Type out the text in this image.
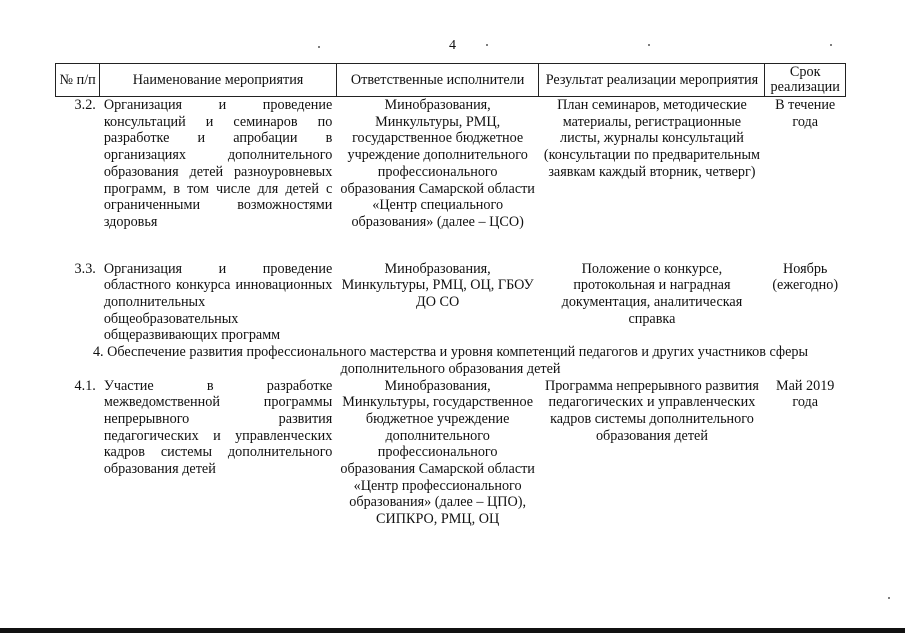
4
№ п/п	Наименование мероприятия	Ответственные исполнители	Результат реализации мероприятия	Срок реализации
3.2.	Организация и проведение консультаций и семинаров по разработке и апробации в организациях дополнительного образования детей разноуровневых программ, в том числе для детей с ограниченными возможностями здоровья	Минобразования, Минкультуры, РМЦ, государственное бюджетное учреждение дополнительного профессионального образования Самарской области «Центр специального образования» (далее – ЦСО)	План семинаров, методические материалы, регистрационные листы, журналы консультаций (консультации по предварительным заявкам каждый вторник, четверг)	В течение года

3.3.	Организация и проведение областного конкурса инновационных дополнительных общеобразовательных общеразвивающих программ	Минобразования, Минкультуры, РМЦ, ОЦ, ГБОУ ДО СО	Положение о конкурсе, протокольная и наградная документация, аналитическая справка	Ноябрь (ежегодно)
4. Обеспечение развития профессионального мастерства и уровня компетенций педагогов и других участников сферы дополнительного образования детей				
4.1.	Участие в разработке межведомственной программы непрерывного развития педагогических и управленческих кадров системы дополнительного образования детей	Минобразования, Минкультуры, государственное бюджетное учреждение дополнительного профессионального образования Самарской области «Центр профессионального образования» (далее – ЦПО), СИПКРО, РМЦ, ОЦ	Программа непрерывного развития педагогических и управленческих кадров системы дополнительного образования детей	Май 2019 года
